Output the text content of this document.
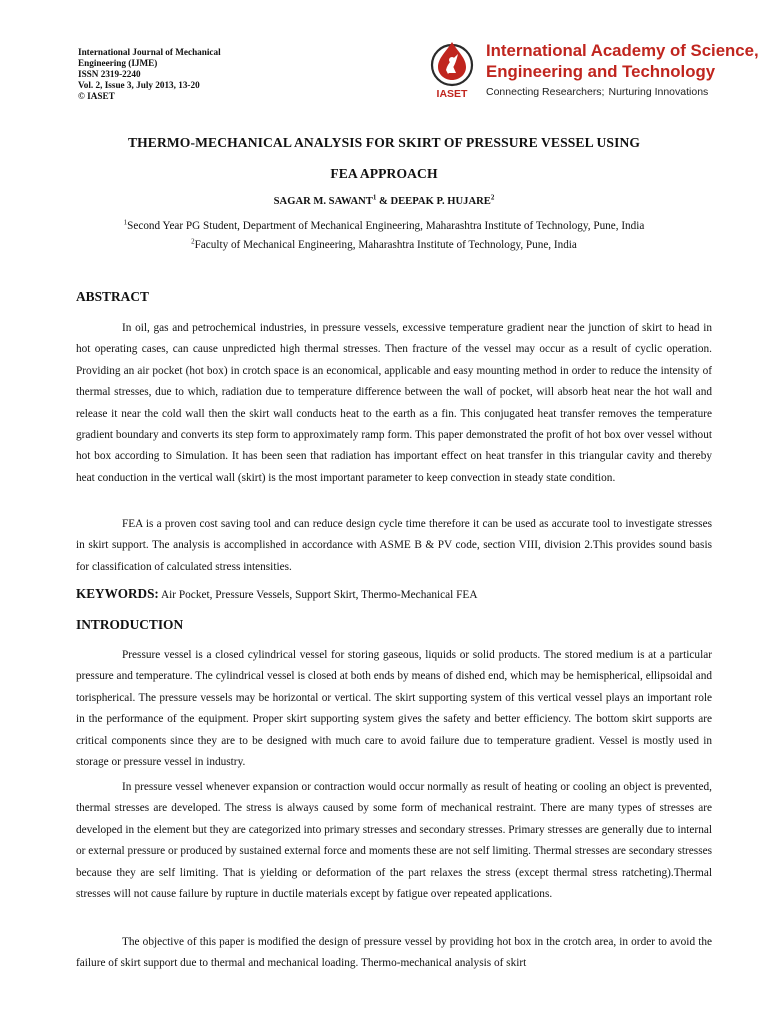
International Journal of Mechanical
Engineering (IJME)
ISSN 2319-2240
Vol. 2, Issue 3, July 2013, 13-20
© IASET	IASET
International Academy of Science,
Engineering and Technology
Connecting Researchers; Nurturing Innovations
THERMO-MECHANICAL ANALYSIS FOR SKIRT OF PRESSURE VESSEL USING
FEA APPROACH
SAGAR M. SAWANT$^1$ & DEEPAK P. HUJARE$^2$
$^1$Second Year PG Student, Department of Mechanical Engineering, Maharashtra Institute of Technology, Pune, India
$^2$Faculty of Mechanical Engineering, Maharashtra Institute of Technology, Pune, India
ABSTRACT

In oil, gas and petrochemical industries, in pressure vessels, excessive temperature gradient near the junction of skirt to head in hot operating cases, can cause unpredicted high thermal stresses. Then fracture of the vessel may occur as a result of cyclic operation. Providing an air pocket (hot box) in crotch space is an economical, applicable and easy mounting method in order to reduce the intensity of thermal stresses, due to which, radiation due to temperature difference between the wall of pocket, will absorb heat near the hot wall and release it near the cold wall then the skirt wall conducts heat to the earth as a fin. This conjugated heat transfer removes the temperature gradient boundary and converts its step form to approximately ramp form. This paper demonstrated the profit of hot box over vessel without hot box according to Simulation. It has been seen that radiation has important effect on heat transfer in this triangular cavity and thereby heat conduction in the vertical wall (skirt) is the most important parameter to keep convection in steady state condition.

FEA is a proven cost saving tool and can reduce design cycle time therefore it can be used as accurate tool to investigate stresses in skirt support. The analysis is accomplished in accordance with ASME B & PV code, section VIII, division 2.This provides sound basis for classification of calculated stress intensities.

KEYWORDS: Air Pocket, Pressure Vessels, Support Skirt, Thermo-Mechanical FEA
INTRODUCTION

Pressure vessel is a closed cylindrical vessel for storing gaseous, liquids or solid products. The stored medium is at a particular pressure and temperature. The cylindrical vessel is closed at both ends by means of dished end, which may be hemispherical, ellipsoidal and torispherical. The pressure vessels may be horizontal or vertical. The skirt supporting system of this vertical vessel plays an important role in the performance of the equipment. Proper skirt supporting system gives the safety and better efficiency. The bottom skirt supports are critical components since they are to be designed with much care to avoid failure due to temperature gradient. Vessel is mostly used in storage or pressure vessel in industry.

In pressure vessel whenever expansion or contraction would occur normally as result of heating or cooling an object is prevented, thermal stresses are developed. The stress is always caused by some form of mechanical restraint. There are many types of stresses are developed in the element but they are categorized into primary stresses and secondary stresses. Primary stresses are generally due to internal or external pressure or produced by sustained external force and moments these are not self limiting. Thermal stresses are secondary stresses because they are self limiting. That is yielding or deformation of the part relaxes the stress (except thermal stress ratcheting).Thermal stresses will not cause failure by rupture in ductile materials except by fatigue over repeated applications.

The objective of this paper is modified the design of pressure vessel by providing hot box in the crotch area, in order to avoid the failure of skirt support due to thermal and mechanical loading. Thermo-mechanical analysis of skirt
